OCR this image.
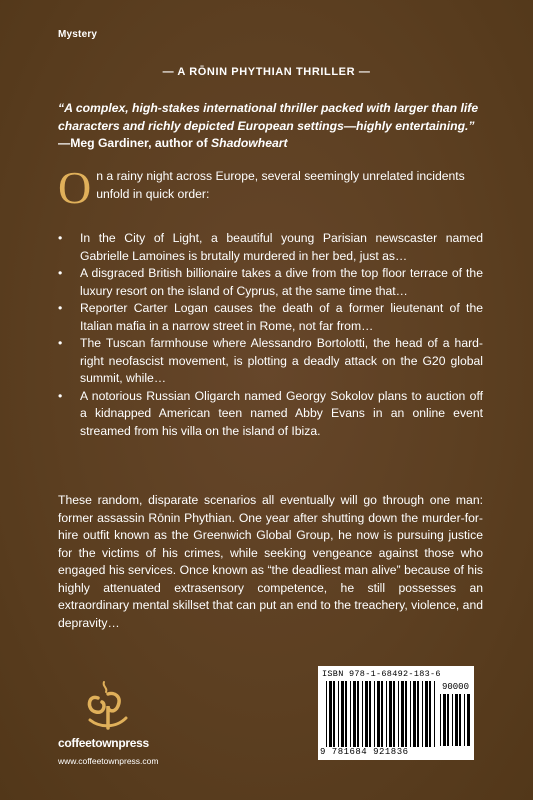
Mystery
— A RŌNIN PHYTHIAN THRILLER —
“A complex, high-stakes international thriller packed with larger than life characters and richly depicted European settings—highly entertaining.” —Meg Gardiner, author of Shadowheart
O n a rainy night across Europe, several seemingly unrelated incidents unfold in quick order:
• In the City of Light, a beautiful young Parisian newscaster named Gabrielle Lamoines is brutally murdered in her bed, just as…
• A disgraced British billionaire takes a dive from the top floor terrace of the luxury resort on the island of Cyprus, at the same time that…
• Reporter Carter Logan causes the death of a former lieutenant of the Italian mafia in a narrow street in Rome, not far from…
• The Tuscan farmhouse where Alessandro Bortolotti, the head of a hard-right neofascist movement, is plotting a deadly attack on the G20 global summit, while…
• A notorious Russian Oligarch named Georgy Sokolov plans to auction off a kidnapped American teen named Abby Evans in an online event streamed from his villa on the island of Ibiza.
These random, disparate scenarios all eventually will go through one man: former assassin Rōnin Phythian. One year after shutting down the murder-for-hire outfit known as the Greenwich Global Group, he now is pursuing justice for the victims of his crimes, while seeking vengeance against those who engaged his services. Once known as “the deadliest man alive” because of his highly attenuated extrasensory competence, he still possesses an extraordinary mental skillset that can put an end to the treachery, violence, and depravity…
coffeetownpress
www.coffeetownpress.com
ISBN 978-1-68492-183-6
90000
9 781684 921836
